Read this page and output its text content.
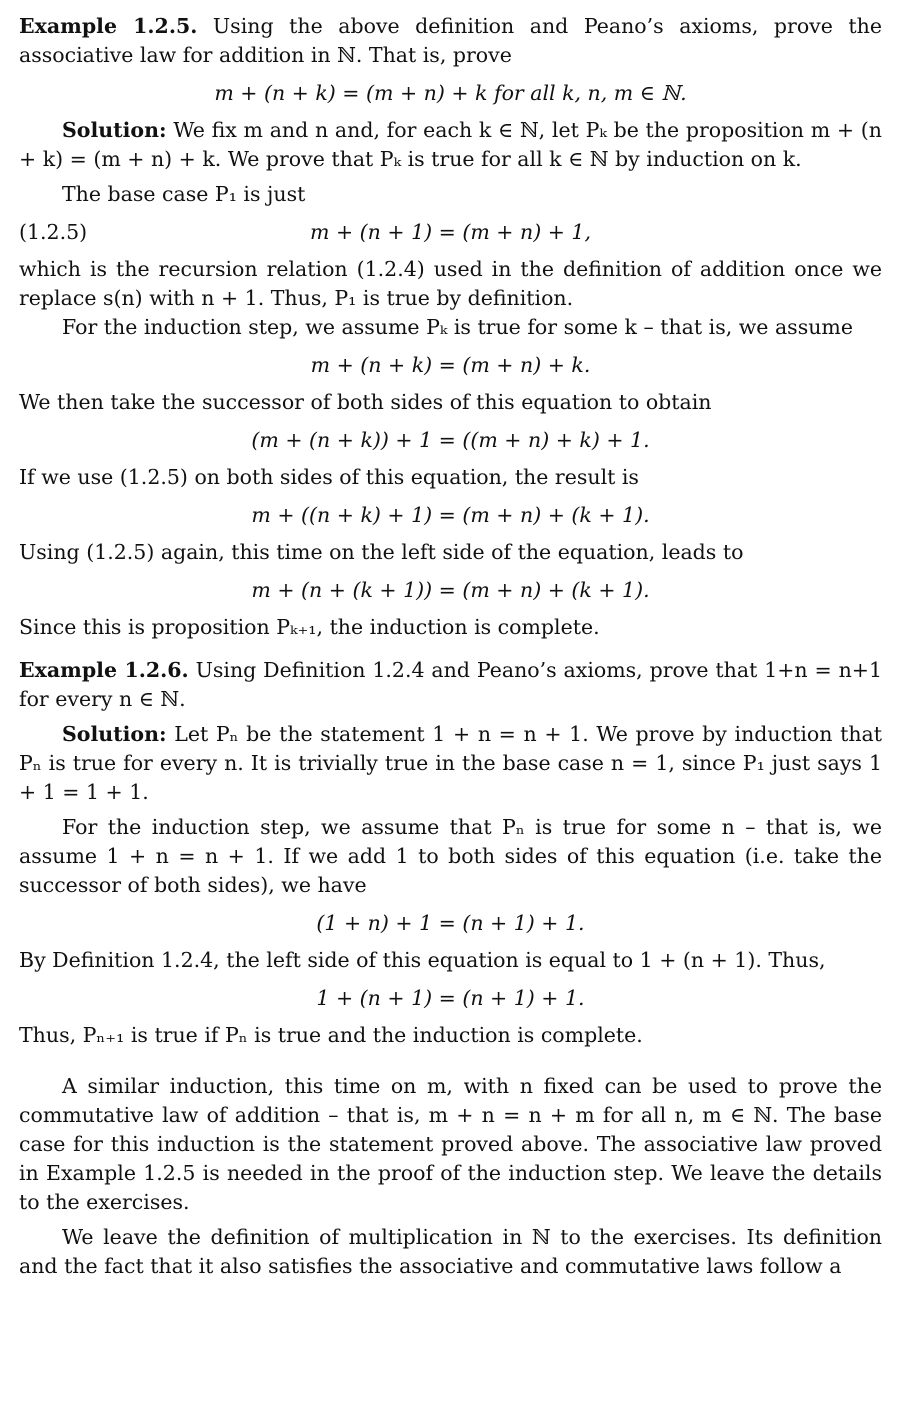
Example 1.2.5. Using the above definition and Peano’s axioms, prove the associative law for addition in ℕ. That is, prove

m + (n + k) = (m + n) + k for all k, n, m ∈ ℕ.

Solution: We fix m and n and, for each k ∈ ℕ, let Pₖ be the proposition m + (n + k) = (m + n) + k. We prove that Pₖ is true for all k ∈ ℕ by induction on k.

The base case P₁ is just

(1.2.5)	m + (n + 1) = (m + n) + 1,

which is the recursion relation (1.2.4) used in the definition of addition once we replace s(n) with n + 1. Thus, P₁ is true by definition.

For the induction step, we assume Pₖ is true for some k – that is, we assume

m + (n + k) = (m + n) + k.

We then take the successor of both sides of this equation to obtain

(m + (n + k)) + 1 = ((m + n) + k) + 1.

If we use (1.2.5) on both sides of this equation, the result is

m + ((n + k) + 1) = (m + n) + (k + 1).

Using (1.2.5) again, this time on the left side of the equation, leads to

m + (n + (k + 1)) = (m + n) + (k + 1).

Since this is proposition Pₖ₊₁, the induction is complete.

Example 1.2.6. Using Definition 1.2.4 and Peano’s axioms, prove that 1+n = n+1 for every n ∈ ℕ.

Solution: Let Pₙ be the statement 1 + n = n + 1. We prove by induction that Pₙ is true for every n. It is trivially true in the base case n = 1, since P₁ just says 1 + 1 = 1 + 1.

For the induction step, we assume that Pₙ is true for some n – that is, we assume 1 + n = n + 1. If we add 1 to both sides of this equation (i.e. take the successor of both sides), we have

(1 + n) + 1 = (n + 1) + 1.

By Definition 1.2.4, the left side of this equation is equal to 1 + (n + 1). Thus,

1 + (n + 1) = (n + 1) + 1.

Thus, Pₙ₊₁ is true if Pₙ is true and the induction is complete.

A similar induction, this time on m, with n fixed can be used to prove the commutative law of addition – that is, m + n = n + m for all n, m ∈ ℕ. The base case for this induction is the statement proved above. The associative law proved in Example 1.2.5 is needed in the proof of the induction step. We leave the details to the exercises.

We leave the definition of multiplication in ℕ to the exercises. Its definition and the fact that it also satisfies the associative and commutative laws follow a
